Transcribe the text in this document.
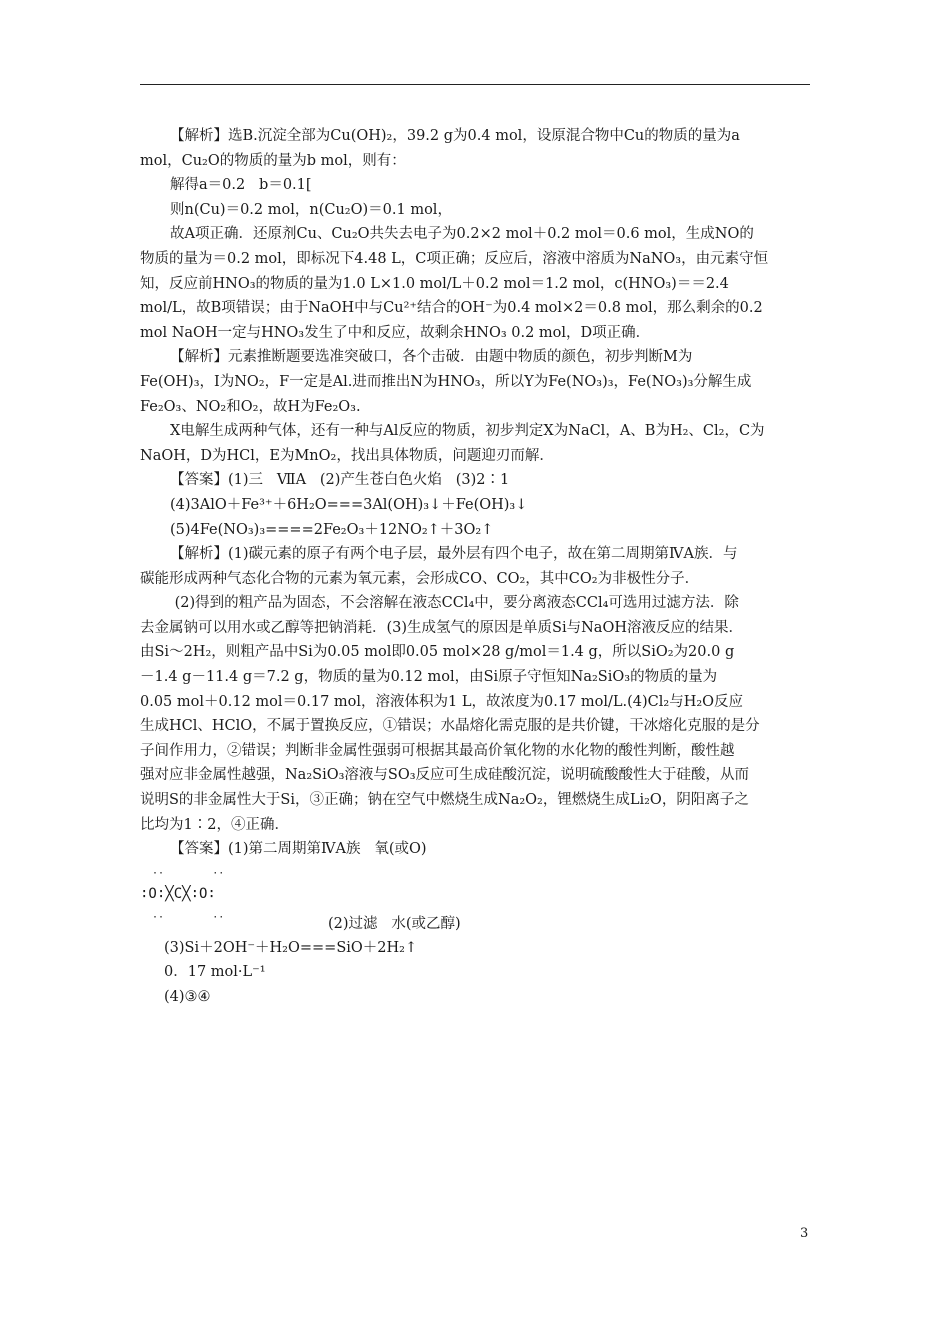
【解析】选B.沉淀全部为Cu(OH)₂，39.2 g为0.4 mol，设原混合物中Cu的物质的量为a
mol，Cu₂O的物质的量为b mol，则有：
解得a＝0.2   b＝0.1[
则n(Cu)＝0.2 mol，n(Cu₂O)＝0.1 mol，
故A项正确．还原剂Cu、Cu₂O共失去电子为0.2×2 mol＋0.2 mol＝0.6 mol，生成NO的
物质的量为＝0.2 mol，即标况下4.48 L，C项正确；反应后，溶液中溶质为NaNO₃，由元素守恒
知，反应前HNO₃的物质的量为1.0 L×1.0 mol/L＋0.2 mol＝1.2 mol，c(HNO₃)＝＝2.4
mol/L，故B项错误；由于NaOH中与Cu²⁺结合的OH⁻为0.4 mol×2＝0.8 mol，那么剩余的0.2
mol NaOH一定与HNO₃发生了中和反应，故剩余HNO₃ 0.2 mol，D项正确．
【解析】元素推断题要选准突破口，各个击破．由题中物质的颜色，初步判断M为
Fe(OH)₃，I为NO₂，F一定是Al.进而推出N为HNO₃，所以Y为Fe(NO₃)₃，Fe(NO₃)₃分解生成
Fe₂O₃、NO₂和O₂，故H为Fe₂O₃.
X电解生成两种气体，还有一种与Al反应的物质，初步判定X为NaCl，A、B为H₂、Cl₂，C为
NaOH，D为HCl，E为MnO₂，找出具体物质，问题迎刃而解．
【答案】(1)三   ⅦA   (2)产生苍白色火焰   (3)2∶1
(4)3AlO＋Fe³⁺＋6H₂O===3Al(OH)₃↓＋Fe(OH)₃↓
(5)4Fe(NO₃)₃====2Fe₂O₃＋12NO₂↑＋3O₂↑
【解析】(1)碳元素的原子有两个电子层，最外层有四个电子，故在第二周期第ⅣA族．与
碳能形成两种气态化合物的元素为氧元素，会形成CO、CO₂，其中CO₂为非极性分子．
(2)得到的粗产品为固态，不会溶解在液态CCl₄中，要分离液态CCl₄可选用过滤方法．除
去金属钠可以用水或乙醇等把钠消耗．(3)生成氢气的原因是单质Si与NaOH溶液反应的结果．
由Si～2H₂，则粗产品中Si为0.05 mol即0.05 mol×28 g/mol＝1.4 g，所以SiO₂为20.0 g
－1.4 g－11.4 g＝7.2 g，物质的量为0.12 mol，由Si原子守恒知Na₂SiO₃的物质的量为
0.05 mol＋0.12 mol＝0.17 mol，溶液体积为1 L，故浓度为0.17 mol/L.(4)Cl₂与H₂O反应
生成HCl、HClO，不属于置换反应，①错误；水晶熔化需克服的是共价键，干冰熔化克服的是分
子间作用力，②错误；判断非金属性强弱可根据其最高价氧化物的水化物的酸性判断，酸性越
强对应非金属性越强，Na₂SiO₃溶液与SO₃反应可生成硅酸沉淀，说明硫酸酸性大于硅酸，从而
说明S的非金属性大于Si，③正确；钠在空气中燃烧生成Na₂O₂，锂燃烧生成Li₂O，阴阳离子之
比均为1∶2，④正确．
【答案】(1)第二周期第ⅣA族   氧(或O)
··        ··
∶O∶╳C╳∶O∶
··        ··	(2)过滤   水(或乙醇)
(3)Si＋2OH⁻＋H₂O===SiO＋2H₂↑
0．17 mol·L⁻¹
(4)③④
3
